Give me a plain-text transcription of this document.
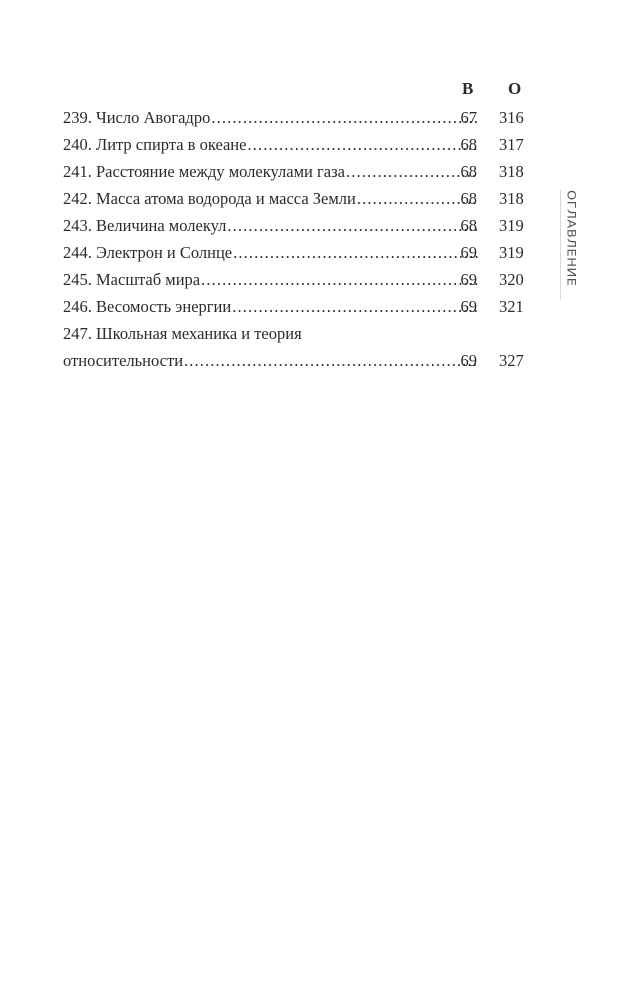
В О
239. Число Авогадро . . .	67 316
240. Литр спирта в океане . . .	68 317
241. Расстояние между молекулами газа . . .	68 318
242. Масса атома водорода и масса Земли . . .	68 318
243. Величина молекул . . .	68 319
244. Электрон и Солнце . . .	69 319
245. Масштаб мира . . .	69 320
246. Весомость энергии . . .	69 321
247. Школьная механика и теория
относительности . . .	69 327
ОГЛАВЛЕНИЕ
